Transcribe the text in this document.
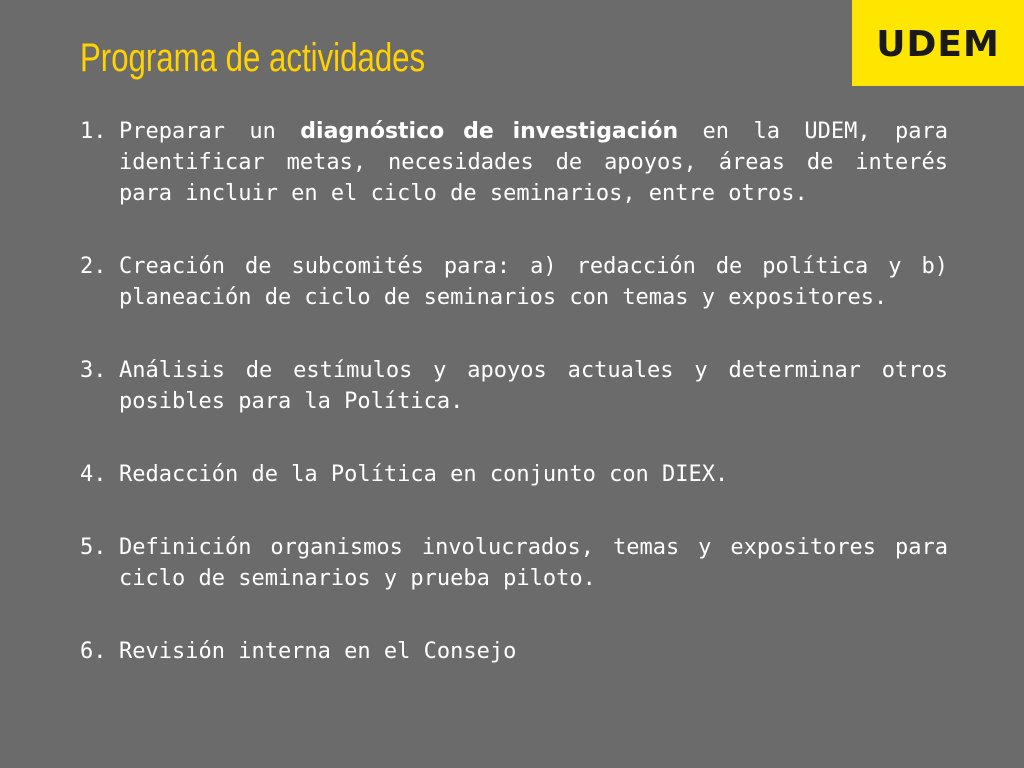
UDEM
Programa de actividades
1. Preparar un diagnóstico de investigación en la UDEM, para identificar metas, necesidades de apoyos, áreas de interés para incluir en el ciclo de seminarios, entre otros.
2. Creación de subcomités para: a) redacción de política y b) planeación de ciclo de seminarios con temas y expositores.
3. Análisis de estímulos y apoyos actuales y determinar otros posibles para la Política.
4. Redacción de la Política en conjunto con DIEX.
5. Definición organismos involucrados, temas y expositores para ciclo de seminarios y prueba piloto.
6. Revisión interna en el Consejo
